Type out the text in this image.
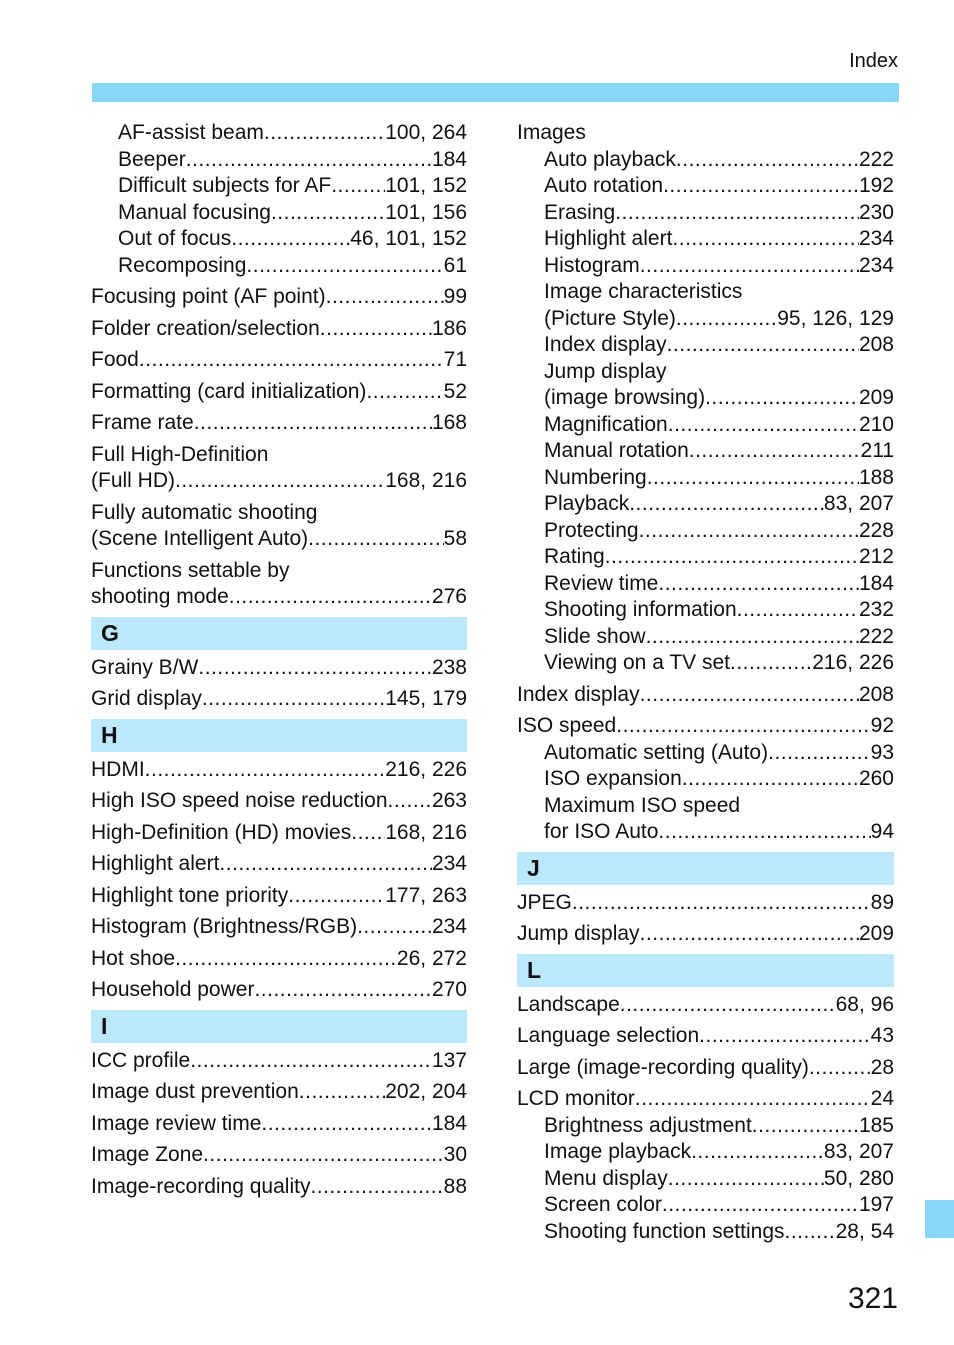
Index
AF-assist beam .....	100, 264
Beeper .....	184
Difficult subjects for AF .....	101, 152
Manual focusing .....	101, 156
Out of focus .....	46, 101, 152
Recomposing .....	61
Focusing point (AF point) .....	99
Folder creation/selection .....	186
Food .....	71
Formatting (card initialization) .....	52
Frame rate .....	168
Full High-Definition
(Full HD) .....	168, 216
Fully automatic shooting
(Scene Intelligent Auto) .....	58
Functions settable by
shooting mode .....	276
G
Grainy B/W .....	238
Grid display .....	145, 179
H
HDMI .....	216, 226
High ISO speed noise reduction ..... 263
High-Definition (HD) movies ..... 168, 216
Highlight alert .....	234
Highlight tone priority .....	177, 263
Histogram (Brightness/RGB) .....	234
Hot shoe .....	26, 272
Household power .....	270
I
ICC profile .....	137
Image dust prevention .....	202, 204
Image review time .....	184
Image Zone .....	30
Image-recording quality .....	88
Images
Auto playback .....	222
Auto rotation .....	192
Erasing .....	230
Highlight alert .....	234
Histogram .....	234
Image characteristics
(Picture Style) .....	95, 126, 129
Index display .....	208
Jump display
(image browsing) .....	209
Magnification .....	210
Manual rotation .....	211
Numbering .....	188
Playback .....	83, 207
Protecting .....	228
Rating .....	212
Review time .....	184
Shooting information .....	232
Slide show .....	222
Viewing on a TV set .....	216, 226
Index display .....	208
ISO speed .....	92
Automatic setting (Auto) .....	93
ISO expansion .....	260
Maximum ISO speed
for ISO Auto .....	94
J
JPEG .....	89
Jump display .....	209
L
Landscape .....	68, 96
Language selection .....	43
Large (image-recording quality) .....	28
LCD monitor .....	24
Brightness adjustment .....	185
Image playback .....	83, 207
Menu display .....	50, 280
Screen color .....	197
Shooting function settings ..... 28, 54
321
